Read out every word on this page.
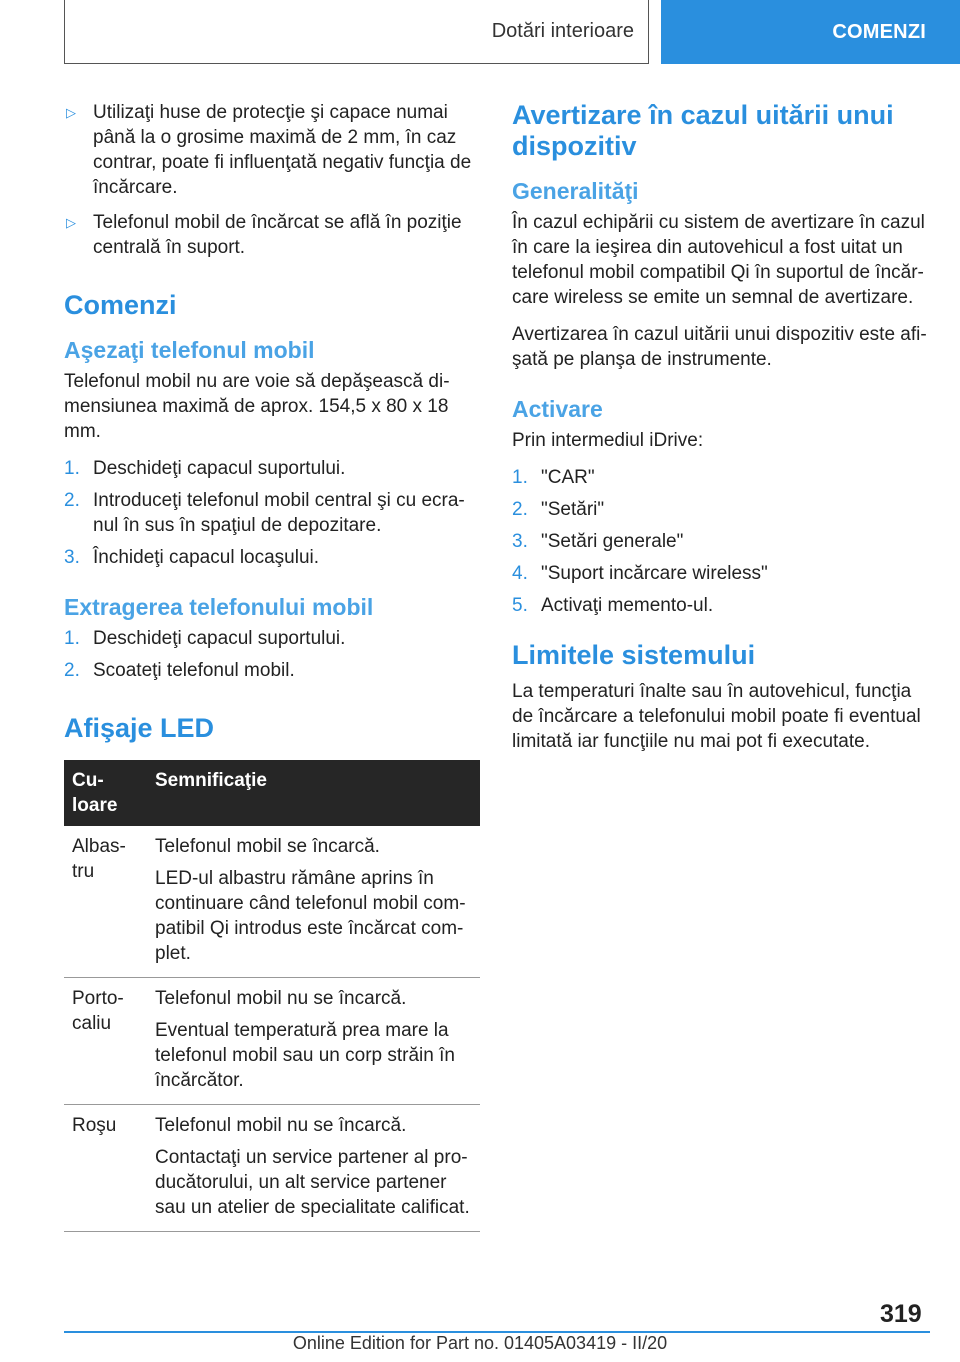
Dotări interioare	COMENZI
▷ Utilizaţi huse de protecţie şi capace numai până la o grosime maximă de 2 mm, în caz contrar, poate fi influenţată negativ funcţia de încărcare.

▷ Telefonul mobil de încărcat se află în poziţie centrală în suport.

Comenzi
Aşezaţi telefonul mobil

Telefonul mobil nu are voie să depăşească dimensiunea maximă de aprox. 154,5 x 80 x 18 mm.

1. Deschideţi capacul suportului.

2. Introduceţi telefonul mobil central şi cu ecranul în sus în spaţiul de depozitare.

3. Închideţi capacul locaşului.

Extragerea telefonului mobil
1. Deschideţi capacul suportului.

2. Scoateţi telefonul mobil.

Afişaje LED
Culoare	Semnificaţie

Albastru	Telefonul mobil se încarcă.

LED-ul albastru rămâne aprins în continuare când telefonul mobil compatibil Qi introdus este încărcat complet.

Portocaliu	Telefonul mobil nu se încarcă.

Eventual temperatură prea mare la telefonul mobil sau un corp străin în încărcător.

Roşu	Telefonul mobil nu se încarcă.

Contactaţi un service partener al producătorului, un alt service partener sau un atelier de specialitate calificat.

Avertizare în cazul uitării unui dispozitiv
Generalităţi

În cazul echipării cu sistem de avertizare în cazul în care la ieşirea din autovehicul a fost uitat un telefonul mobil compatibil Qi în suportul de încărcare wireless se emite un semnal de avertizare.

Avertizarea în cazul uitării unui dispozitiv este afişată pe planşa de instrumente.

Activare

Prin intermediul iDrive:

1. "CAR"

2. "Setări"

3. "Setări generale"

4. "Suport incărcare wireless"

5. Activaţi memento-ul.

Limitele sistemului

La temperaturi înalte sau în autovehicul, funcţia de încărcare a telefonului mobil poate fi eventual limitată iar funcţiile nu mai pot fi executate.

319
Online Edition for Part no. 01405A03419 - II/20
